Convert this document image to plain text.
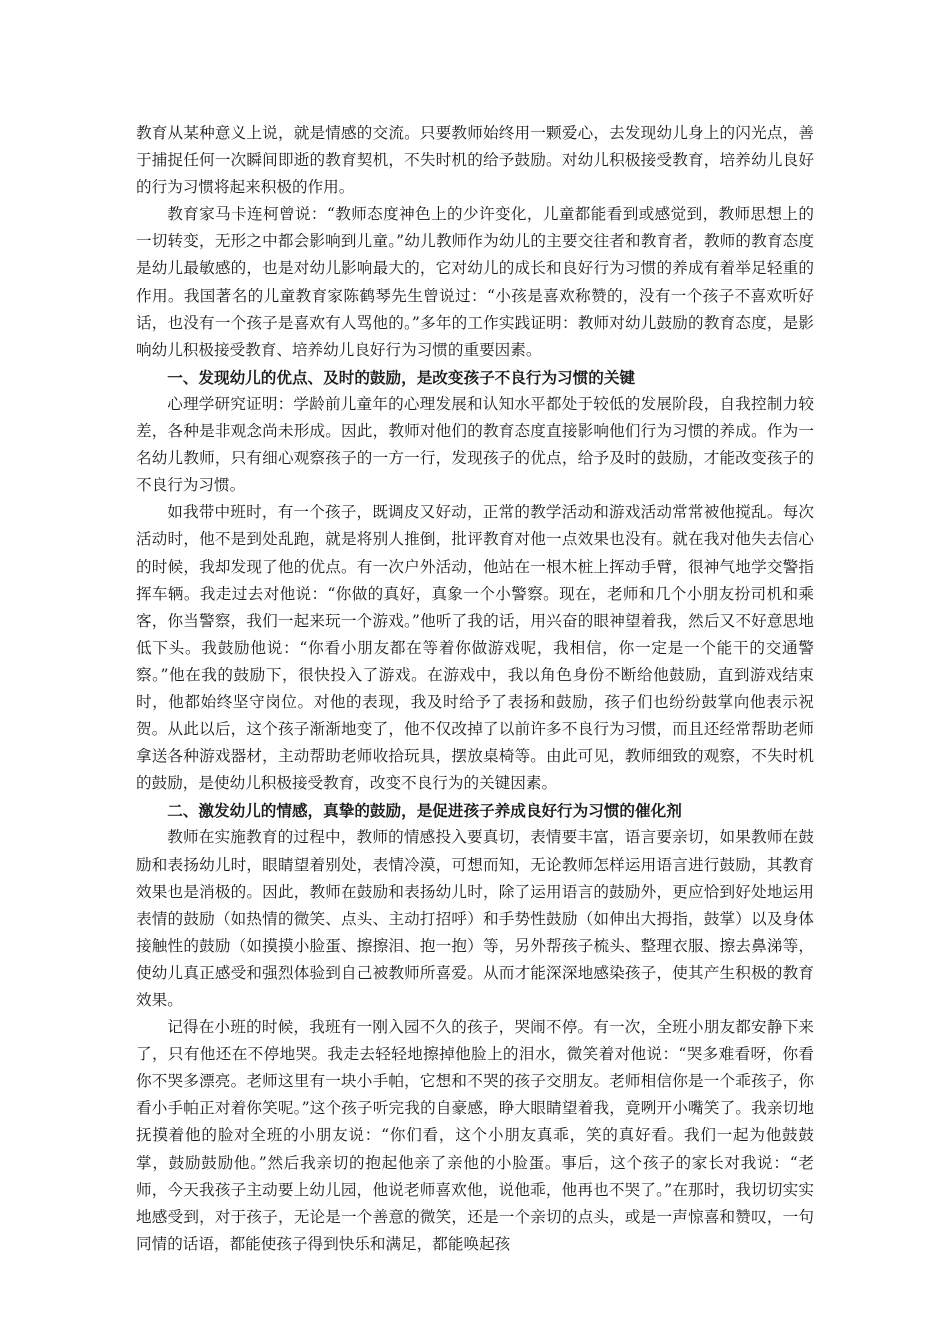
教育从某种意义上说，就是情感的交流。只要教师始终用一颗爱心，去发现幼儿身上的闪光点，善于捕捉任何一次瞬间即逝的教育契机，不失时机的给予鼓励。对幼儿积极接受教育，培养幼儿良好的行为习惯将起来积极的作用。

教育家马卡连柯曾说：“教师态度神色上的少许变化，儿童都能看到或感觉到，教师思想上的一切转变，无形之中都会影响到儿童。”幼儿教师作为幼儿的主要交往者和教育者，教师的教育态度是幼儿最敏感的，也是对幼儿影响最大的，它对幼儿的成长和良好行为习惯的养成有着举足轻重的作用。我国著名的儿童教育家陈鹤琴先生曾说过：“小孩是喜欢称赞的，没有一个孩子不喜欢听好话，也没有一个孩子是喜欢有人骂他的。”多年的工作实践证明：教师对幼儿鼓励的教育态度，是影响幼儿积极接受教育、培养幼儿良好行为习惯的重要因素。

一、发现幼儿的优点、及时的鼓励，是改变孩子不良行为习惯的关键

心理学研究证明：学龄前儿童年的心理发展和认知水平都处于较低的发展阶段，自我控制力较差，各种是非观念尚未形成。因此，教师对他们的教育态度直接影响他们行为习惯的养成。作为一名幼儿教师，只有细心观察孩子的一方一行，发现孩子的优点，给予及时的鼓励，才能改变孩子的不良行为习惯。

如我带中班时，有一个孩子，既调皮又好动，正常的教学活动和游戏活动常常被他搅乱。每次活动时，他不是到处乱跑，就是将别人推倒，批评教育对他一点效果也没有。就在我对他失去信心的时候，我却发现了他的优点。有一次户外活动，他站在一根木桩上挥动手臂，很神气地学交警指挥车辆。我走过去对他说：“你做的真好，真象一个小警察。现在，老师和几个小朋友扮司机和乘客，你当警察，我们一起来玩一个游戏。”他听了我的话，用兴奋的眼神望着我，然后又不好意思地低下头。我鼓励他说：“你看小朋友都在等着你做游戏呢，我相信，你一定是一个能干的交通警察。”他在我的鼓励下，很快投入了游戏。在游戏中，我以角色身份不断给他鼓励，直到游戏结束时，他都始终坚守岗位。对他的表现，我及时给予了表扬和鼓励，孩子们也纷纷鼓掌向他表示祝贺。从此以后，这个孩子渐渐地变了，他不仅改掉了以前许多不良行为习惯，而且还经常帮助老师拿送各种游戏器材，主动帮助老师收拾玩具，摆放桌椅等。由此可见，教师细致的观察，不失时机的鼓励，是使幼儿积极接受教育，改变不良行为的关键因素。

二、激发幼儿的情感，真挚的鼓励，是促进孩子养成良好行为习惯的催化剂

教师在实施教育的过程中，教师的情感投入要真切，表情要丰富，语言要亲切，如果教师在鼓励和表扬幼儿时，眼睛望着别处，表情冷漠，可想而知，无论教师怎样运用语言进行鼓励，其教育效果也是消极的。因此，教师在鼓励和表扬幼儿时，除了运用语言的鼓励外，更应恰到好处地运用表情的鼓励（如热情的微笑、点头、主动打招呼）和手势性鼓励（如伸出大拇指，鼓掌）以及身体接触性的鼓励（如摸摸小脸蛋、擦擦泪、抱一抱）等，另外帮孩子梳头、整理衣服、擦去鼻涕等，使幼儿真正感受和强烈体验到自己被教师所喜爱。从而才能深深地感染孩子，使其产生积极的教育效果。

记得在小班的时候，我班有一刚入园不久的孩子，哭闹不停。有一次，全班小朋友都安静下来了，只有他还在不停地哭。我走去轻轻地擦掉他脸上的泪水，微笑着对他说：“哭多难看呀，你看你不哭多漂亮。老师这里有一块小手帕，它想和不哭的孩子交朋友。老师相信你是一个乖孩子，你看小手帕正对着你笑呢。”这个孩子听完我的自豪感，睁大眼睛望着我，竟咧开小嘴笑了。我亲切地抚摸着他的脸对全班的小朋友说：“你们看，这个小朋友真乖，笑的真好看。我们一起为他鼓鼓掌，鼓励鼓励他。”然后我亲切的抱起他亲了亲他的小脸蛋。事后，这个孩子的家长对我说：“老师，今天我孩子主动要上幼儿园，他说老师喜欢他，说他乖，他再也不哭了。”在那时，我切切实实地感受到，对于孩子，无论是一个善意的微笑，还是一个亲切的点头，或是一声惊喜和赞叹，一句同情的话语，都能使孩子得到快乐和满足，都能唤起孩
